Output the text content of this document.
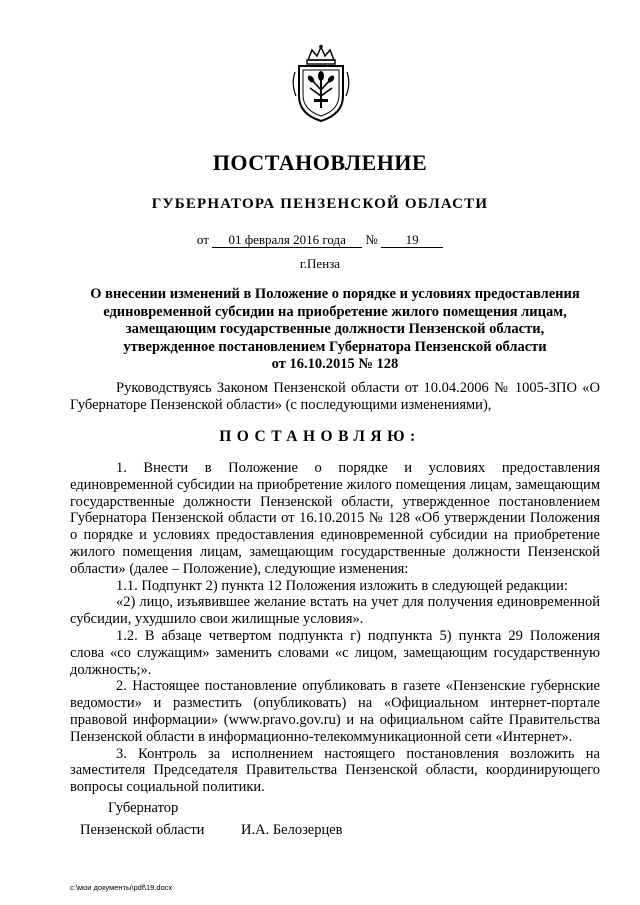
ПОСТАНОВЛЕНИЕ
ГУБЕРНАТОРА ПЕНЗЕНСКОЙ ОБЛАСТИ
от 01 февраля 2016 года № 19
г.Пенза
О внесении изменений в Положение о порядке и условиях предоставления
единовременной субсидии на приобретение жилого помещения лицам,
замещающим государственные должности Пензенской области,
утвержденное постановлением Губернатора Пензенской области
от 16.10.2015 № 128

Руководствуясь Законом Пензенской области от 10.04.2006 № 1005-ЗПО «О Губернаторе Пензенской области» (с последующими изменениями),

ПОСТАНОВЛЯЮ:

1. Внести в Положение о порядке и условиях предоставления единовременной субсидии на приобретение жилого помещения лицам, замещающим государственные должности Пензенской области, утвержденное постановлением Губернатора Пензенской области от 16.10.2015 № 128 «Об утверждении Положения о порядке и условиях предоставления единовременной субсидии на приобретение жилого помещения лицам, замещающим государственные должности Пензенской области» (далее – Положение), следующие изменения:

1.1. Подпункт 2) пункта 12 Положения изложить в следующей редакции:

«2) лицо, изъявившее желание встать на учет для получения единовременной субсидии, ухудшило свои жилищные условия».

1.2. В абзаце четвертом подпункта г) подпункта 5) пункта 29 Положения слова «со служащим» заменить словами «с лицом, замещающим государственную должность;».

2. Настоящее постановление опубликовать в газете «Пензенские губернские ведомости» и разместить (опубликовать) на «Официальном интернет-портале правовой информации» (www.pravo.gov.ru) и на официальном сайте Правительства Пензенской области в информационно-телекоммуникационной сети «Интернет».

3. Контроль за исполнением настоящего постановления возложить на заместителя Председателя Правительства Пензенской области, координирующего вопросы социальной политики.

Губернатор
Пензенской области	И.А. Белозерцев
c:\мои документы\pdf\19.docx
